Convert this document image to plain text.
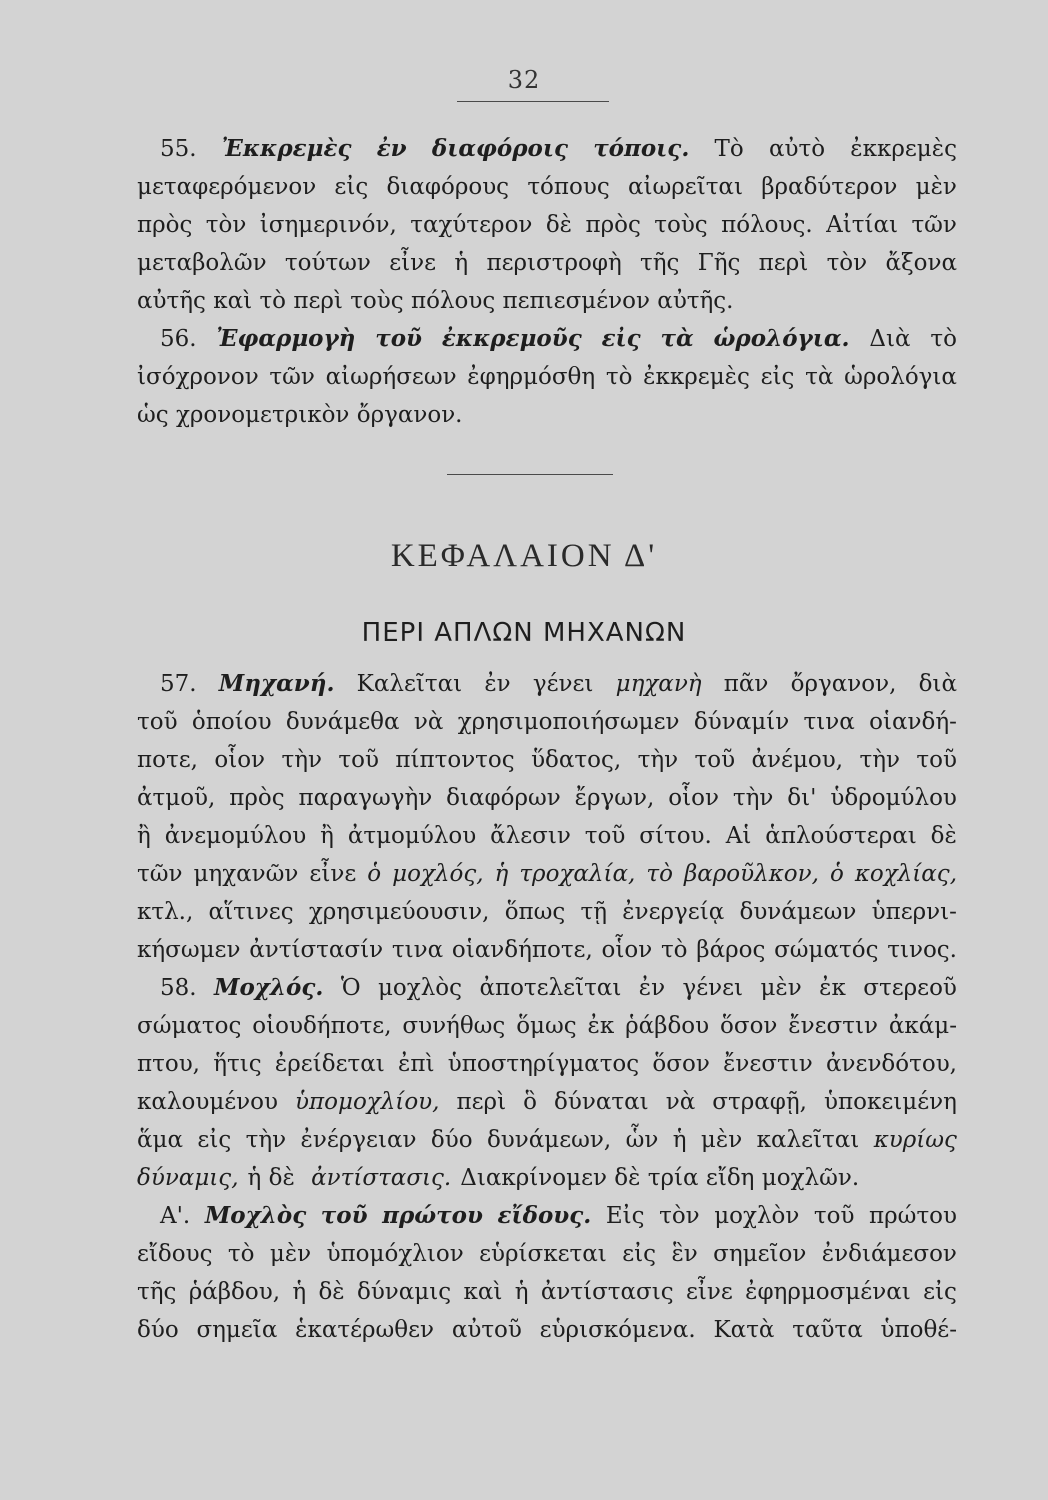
32
55. Ἐκκρεμὲς ἐν διαφόροις τόποις. Τὸ αὐτὸ ἐκκρεμὲς
μεταφερόμενον εἰς διαφόρους τόπους αἰωρεῖται βραδύτερον μὲν
πρὸς τὸν ἰσημερινόν, ταχύτερον δὲ πρὸς τοὺς πόλους. Αἰτίαι τῶν
μεταβολῶν τούτων εἶνε ἡ περιστροφὴ τῆς Γῆς περὶ τὸν ἄξονα
αὐτῆς καὶ τὸ περὶ τοὺς πόλους πεπιεσμένον αὐτῆς.
56. Ἐφαρμογὴ τοῦ ἐκκρεμοῦς εἰς τὰ ὡρολόγια. Διὰ τὸ
ἰσόχρονον τῶν αἰωρήσεων ἐφηρμόσθη τὸ ἐκκρεμὲς εἰς τὰ ὡρολόγια
ὡς χρονομετρικὸν ὄργανον.
ΚΕΦΑΛΑΙΟΝ Δ'
ΠΕΡΙ ΑΠΛΩΝ ΜΗΧΑΝΩΝ
57. Μηχανή. Καλεῖται ἐν γένει μηχανὴ πᾶν ὄργανον, διὰ
τοῦ ὁποίου δυνάμεθα νὰ χρησιμοποιήσωμεν δύναμίν τινα οἱανδή-
ποτε, οἷον τὴν τοῦ πίπτοντος ὕδατος, τὴν τοῦ ἀνέμου, τὴν τοῦ
ἀτμοῦ, πρὸς παραγωγὴν διαφόρων ἔργων, οἷον τὴν δι' ὑδρομύλου
ἢ ἀνεμομύλου ἢ ἀτμομύλου ἄλεσιν τοῦ σίτου. Αἱ ἁπλούστεραι δὲ
τῶν μηχανῶν εἶνε ὁ μοχλός, ἡ τροχαλία, τὸ βαροῦλκον, ὁ κοχλίας,
κτλ., αἵτινες χρησιμεύουσιν, ὅπως τῇ ἐνεργείᾳ δυνάμεων ὑπερνι-
κήσωμεν ἀντίστασίν τινα οἱανδήποτε, οἷον τὸ βάρος σώματός τινος.
58. Μοχλός. Ὁ μοχλὸς ἀποτελεῖται ἐν γένει μὲν ἐκ στερεοῦ
σώματος οἱουδήποτε, συνήθως ὅμως ἐκ ῥάβδου ὅσον ἔνεστιν ἀκάμ-
πτου, ἥτις ἐρείδεται ἐπὶ ὑποστηρίγματος ὅσον ἔνεστιν ἀνενδότου,
καλουμένου ὑπομοχλίου, περὶ ὃ δύναται νὰ στραφῇ, ὑποκειμένη
ἅμα εἰς τὴν ἐνέργειαν δύο δυνάμεων, ὧν ἡ μὲν καλεῖται κυρίως
δύναμις, ἡ δὲ ἀντίστασις. Διακρίνομεν δὲ τρία εἴδη μοχλῶν.
Α'. Μοχλὸς τοῦ πρώτου εἴδους. Εἰς τὸν μοχλὸν τοῦ πρώτου
εἴδους τὸ μὲν ὑπομόχλιον εὑρίσκεται εἰς ἓν σημεῖον ἐνδιάμεσον
τῆς ῥάβδου, ἡ δὲ δύναμις καὶ ἡ ἀντίστασις εἶνε ἐφηρμοσμέναι εἰς
δύο σημεῖα ἑκατέρωθεν αὐτοῦ εὑρισκόμενα. Κατὰ ταῦτα ὑποθέ-
